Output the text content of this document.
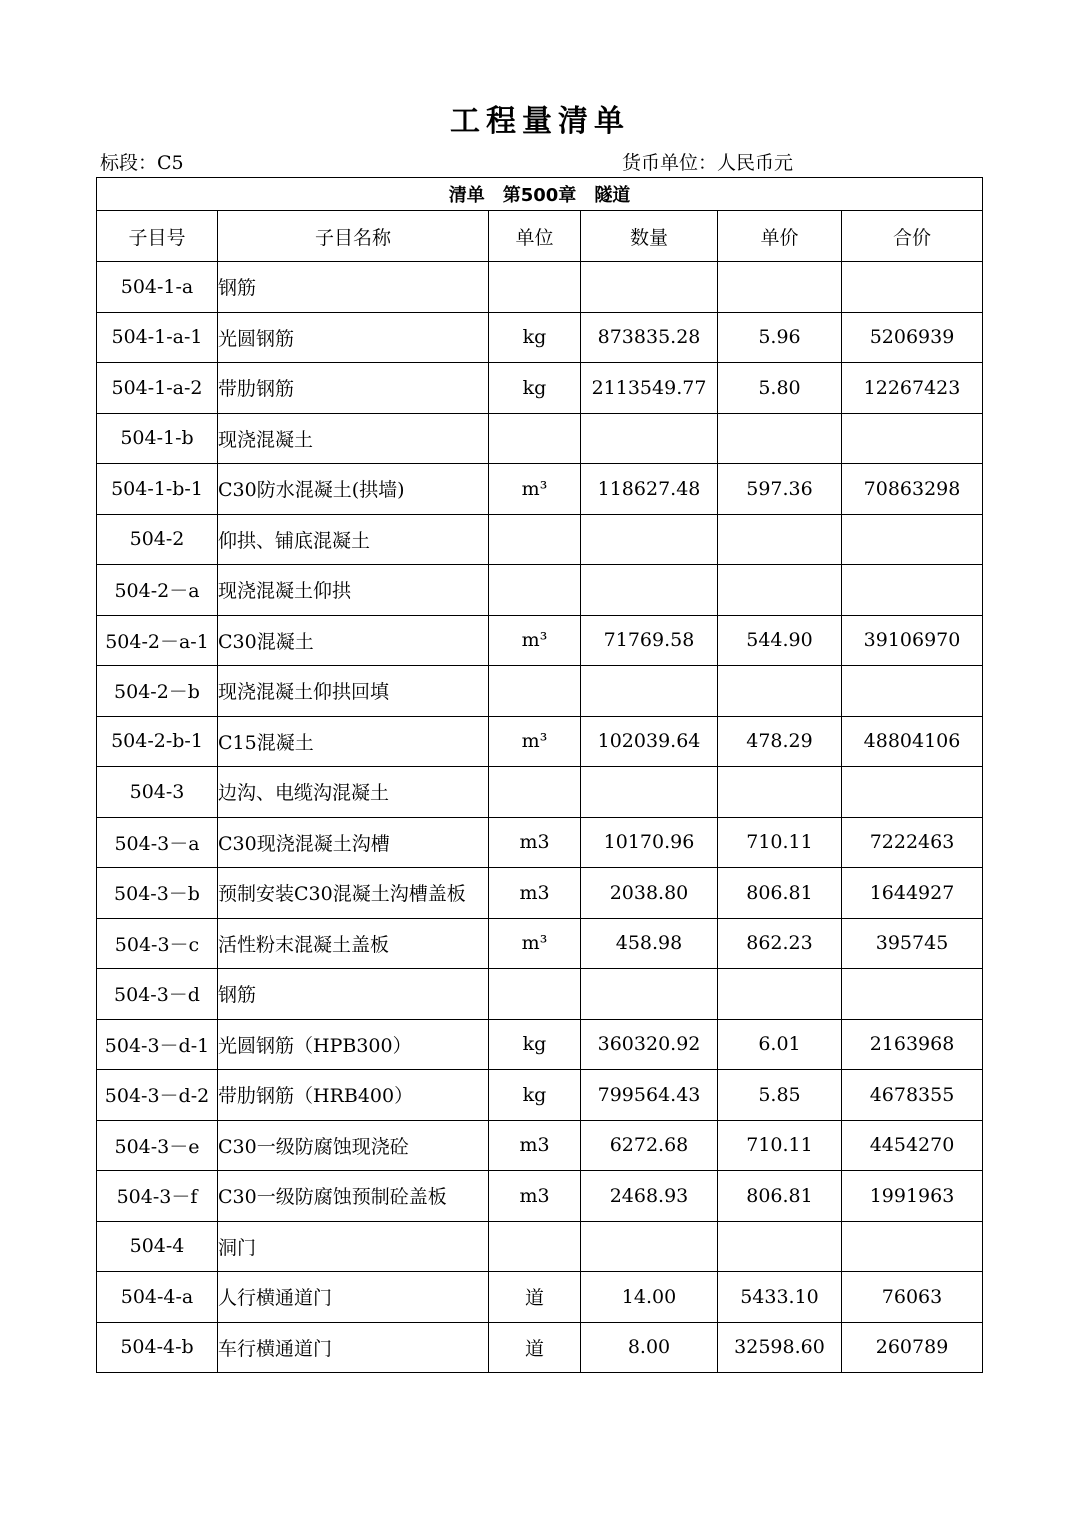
工程量清单
标段：C5	货币单位：人民币元
清单 第500章 隧道					
子目号	子目名称	单位	数量	单价	合价
504-1-a	钢筋				
504-1-a-1	光圆钢筋	kg	873835.28	5.96	5206939
504-1-a-2	带肋钢筋	kg	2113549.77	5.80	12267423
504-1-b	现浇混凝土				
504-1-b-1	C30防水混凝土(拱墙)	m³	118627.48	597.36	70863298
504-2	仰拱、铺底混凝土				
504-2－a	现浇混凝土仰拱				
504-2－a-1	C30混凝土	m³	71769.58	544.90	39106970
504-2－b	现浇混凝土仰拱回填				
504-2-b-1	C15混凝土	m³	102039.64	478.29	48804106
504-3	边沟、电缆沟混凝土				
504-3－a	C30现浇混凝土沟槽	m3	10170.96	710.11	7222463
504-3－b	预制安装C30混凝土沟槽盖板	m3	2038.80	806.81	1644927
504-3－c	活性粉末混凝土盖板	m³	458.98	862.23	395745
504-3－d	钢筋				
504-3－d-1	光圆钢筋（HPB300）	kg	360320.92	6.01	2163968
504-3－d-2	带肋钢筋（HRB400）	kg	799564.43	5.85	4678355
504-3－e	C30一级防腐蚀现浇砼	m3	6272.68	710.11	4454270
504-3－f	C30一级防腐蚀预制砼盖板	m3	2468.93	806.81	1991963
504-4	洞门				
504-4-a	人行横通道门	道	14.00	5433.10	76063
504-4-b	车行横通道门	道	8.00	32598.60	260789
